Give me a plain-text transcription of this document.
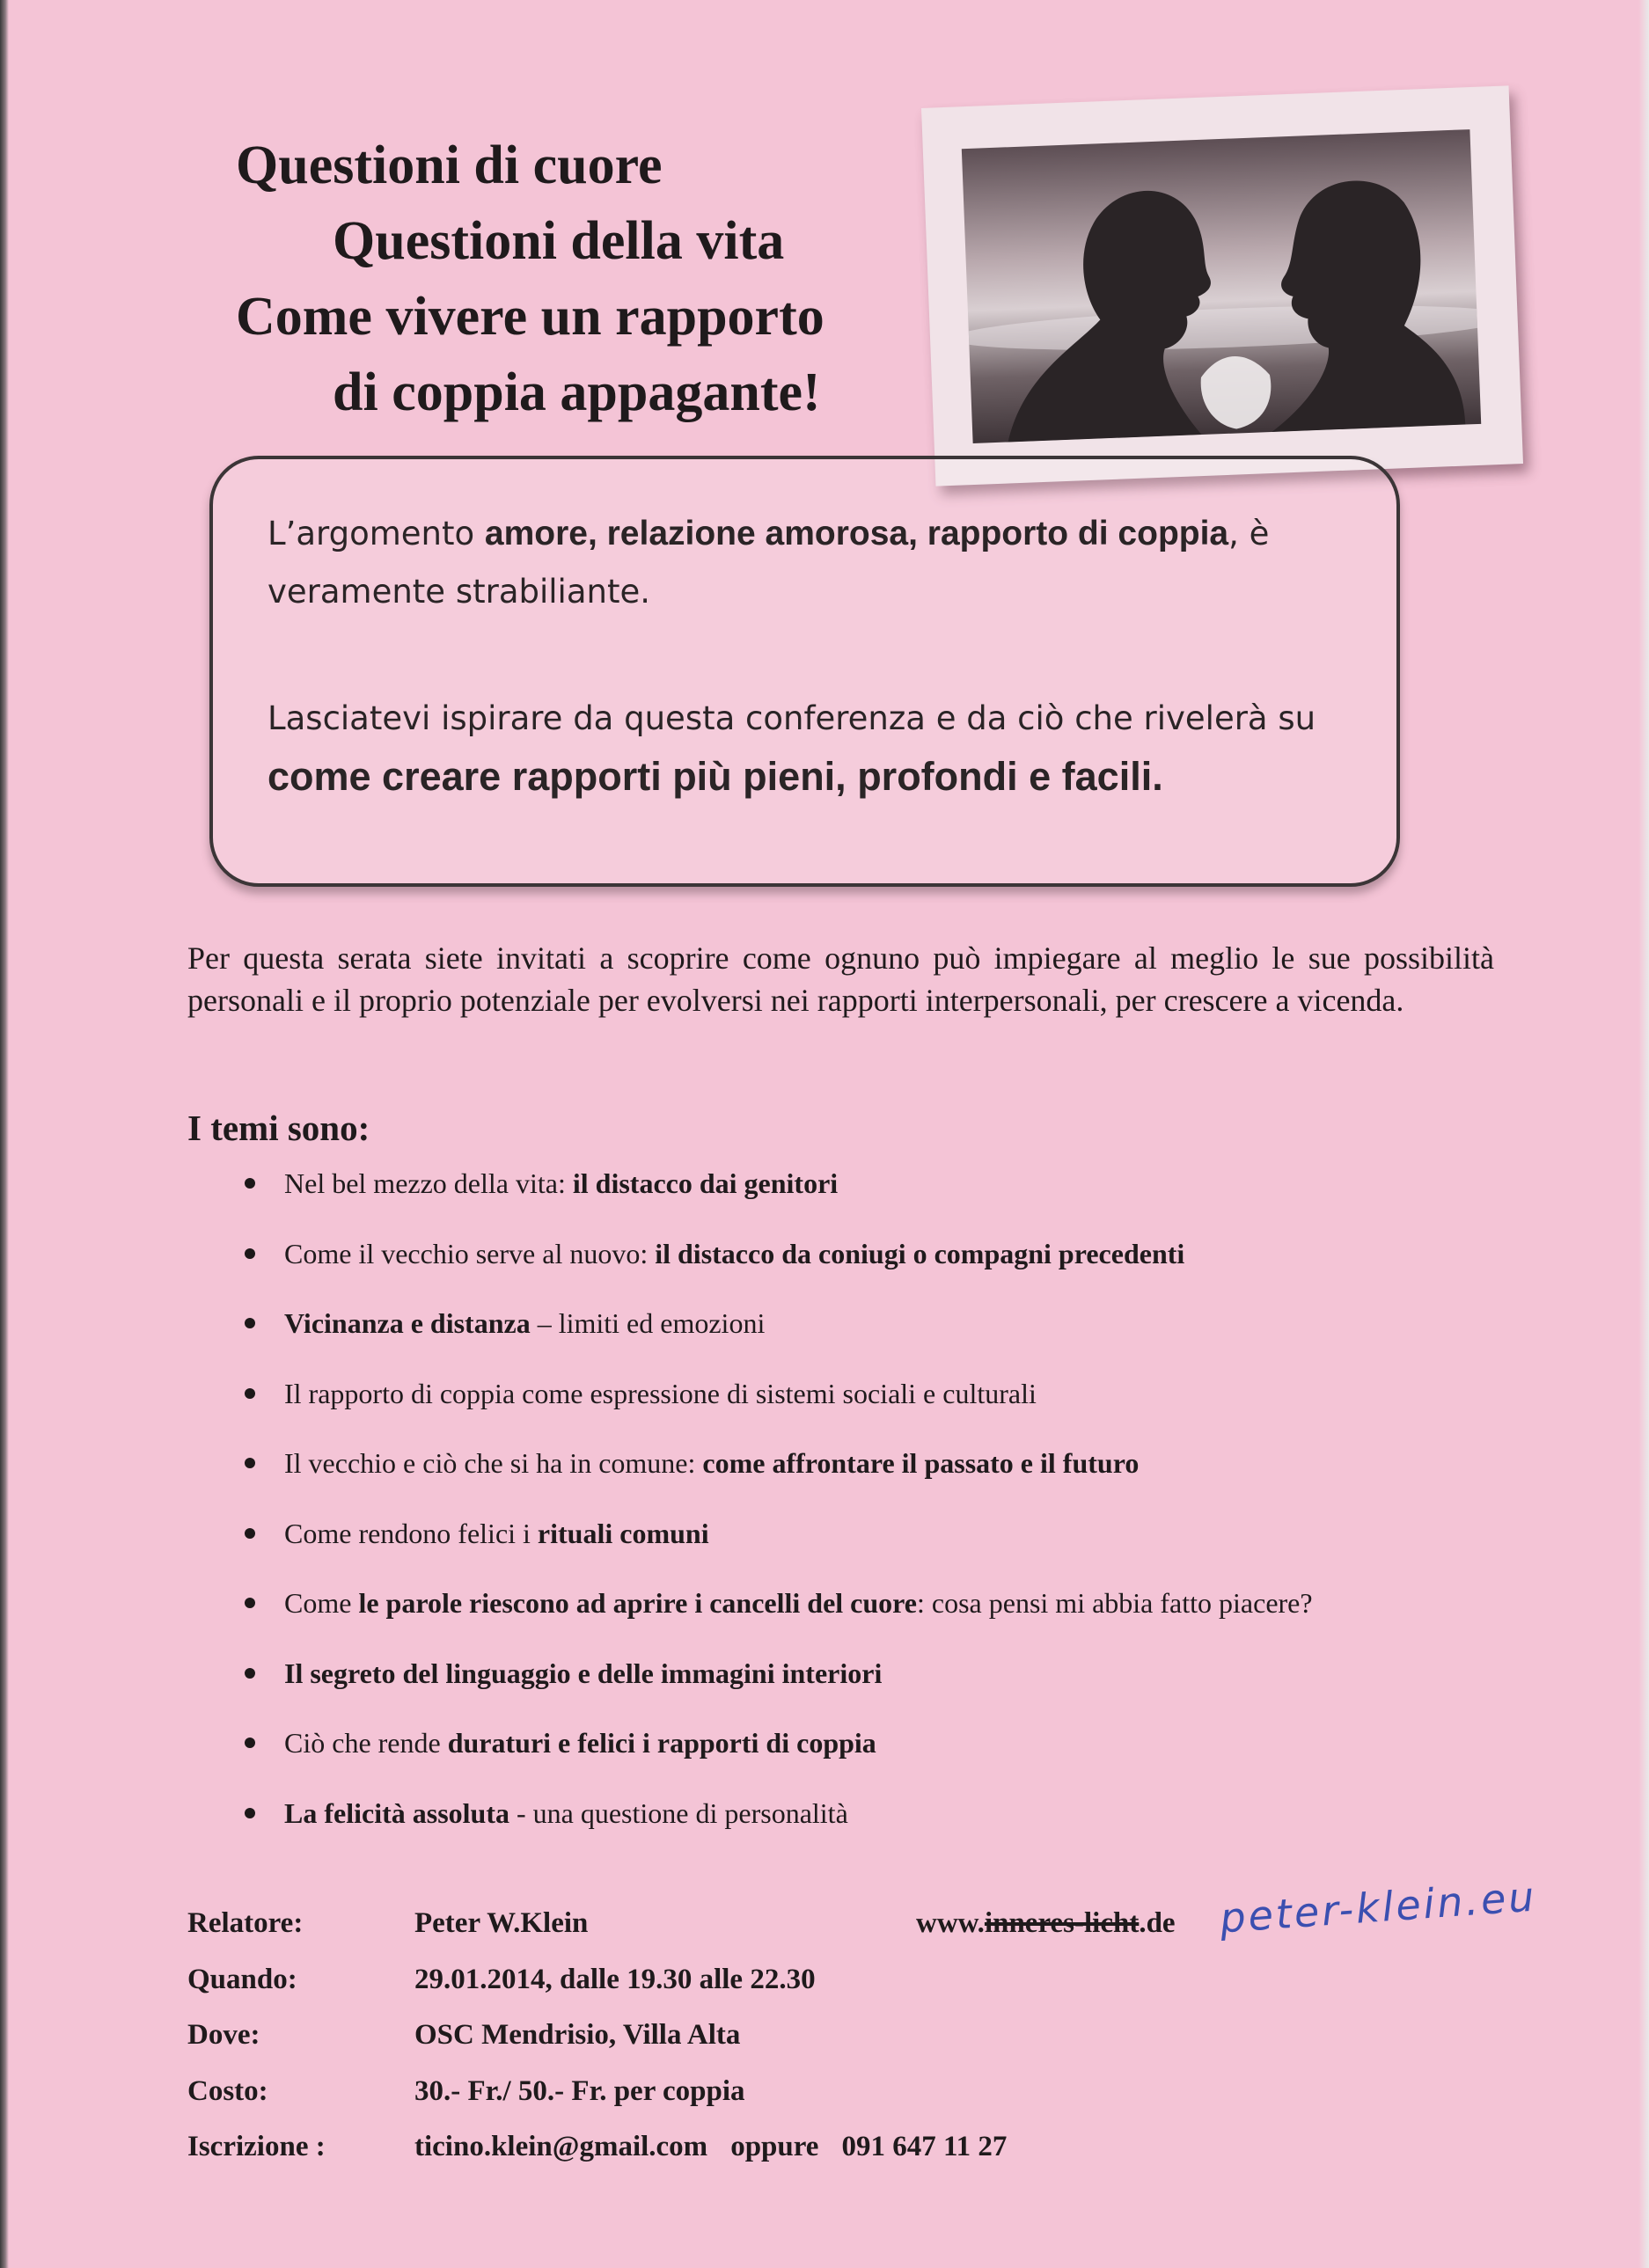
Questioni di cuore
Questioni della vita
Come vivere un rapporto
di coppia appagante!

L’argomento amore, relazione amorosa, rapporto di coppia, è veramente strabiliante.

Lasciatevi ispirare da questa conferenza e da ciò che rivelerà su come creare rapporti più pieni, profondi e facili.

Per questa serata siete invitati a scoprire come ognuno può impiegare al meglio le sue possibilità personali e il proprio potenziale per evolversi nei rapporti interpersonali, per crescere a vicenda.
I temi sono:
Nel bel mezzo della vita: il distacco dai genitori
Come il vecchio serve al nuovo: il distacco da coniugi o compagni precedenti
Vicinanza e distanza – limiti ed emozioni
Il rapporto di coppia come espressione di sistemi sociali e culturali
Il vecchio e ciò che si ha in comune: come affrontare il passato e il futuro
Come rendono felici i rituali comuni
Come le parole riescono ad aprire i cancelli del cuore: cosa pensi mi abbia fatto piacere?
Il segreto del linguaggio e delle immagini interiori
Ciò che rende duraturi e felici i rapporti di coppia
La felicità assoluta - una questione di personalità
Relatore:	Peter W.Klein	www.inneres-licht.de peter-klein.eu
Quando:	29.01.2014, dalle 19.30 alle 22.30
Dove:	OSC Mendrisio, Villa Alta
Costo:	30.- Fr./ 50.- Fr. per coppia
Iscrizione :	ticino.klein@gmail.com oppure 091 647 11 27
